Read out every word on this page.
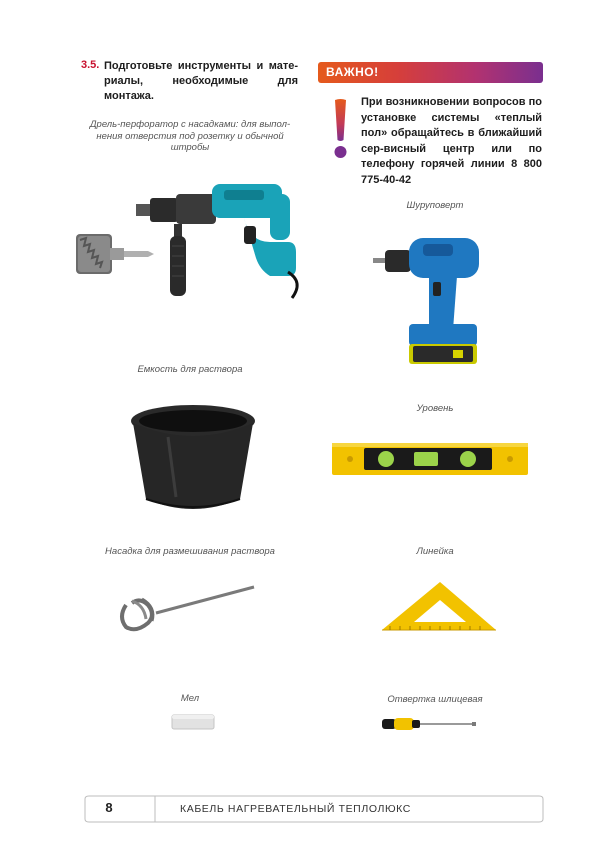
3.5. Подготовьте инструменты и мате-риалы, необходимые для монтажа.
ВАЖНО!
При возникновении вопросов по установке системы «теплый пол» обращайтесь в ближайший сер-висный центр или по телефону горячей линии 8 800 775-40-42
Дрель-перфоратор с насадками: для выпол-нения отверстия под розетку и обычной штробы
Шуруповерт
Емкость для раствора
Уровень
Насадка для размешивания раствора	Линейка
Мел	Отвертка шлицевая
8	КАБЕЛЬ НАГРЕВАТЕЛЬНЫЙ ТЕПЛОЛЮКС
